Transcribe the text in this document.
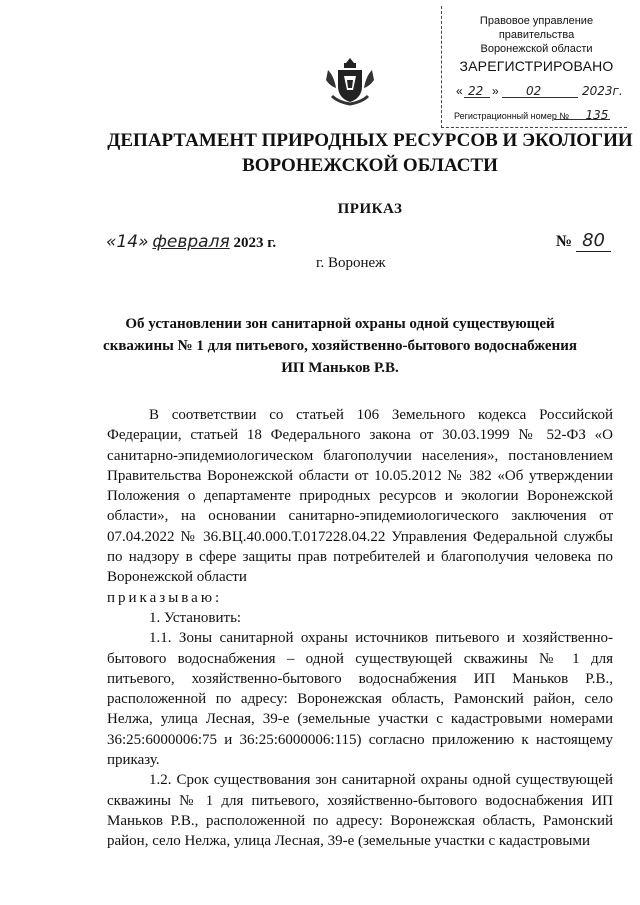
Правовое управление правительства
Воронежской области
ЗАРЕГИСТРИРОВАНО
« 22 » 02	2023г.
Регистрационный номер № 135
ДЕПАРТАМЕНТ ПРИРОДНЫХ РЕСУРСОВ И ЭКОЛОГИИ
ВОРОНЕЖСКОЙ ОБЛАСТИ
ПРИКАЗ
«14» февраля 2023 г.	№ 80
г. Воронеж
Об установлении зон санитарной охраны одной существующей
скважины № 1 для питьевого, хозяйственно-бытового водоснабжения
ИП Маньков Р.В.

В соответствии со статьей 106 Земельного кодекса Российской Федерации, статьей 18 Федерального закона от 30.03.1999 № 52-ФЗ «О санитарно-эпидемиологическом благополучии населения», постановлением Правительства Воронежской области от 10.05.2012 № 382 «Об утверждении Положения о департаменте природных ресурсов и экологии Воронежской области», на основании санитарно-эпидемиологического заключения от 07.04.2022 № 36.ВЦ.40.000.Т.017228.04.22 Управления Федеральной службы по надзору в сфере защиты прав потребителей и благополучия человека по Воронежской области

приказываю:

1. Установить:

1.1. Зоны санитарной охраны источников питьевого и хозяйственно-бытового водоснабжения – одной существующей скважины № 1 для питьевого, хозяйственно-бытового водоснабжения ИП Маньков Р.В., расположенной по адресу: Воронежская область, Рамонский район, село Нелжа, улица Лесная, 39-е (земельные участки с кадастровыми номерами 36:25:6000006:75 и 36:25:6000006:115) согласно приложению к настоящему приказу.

1.2. Срок существования зон санитарной охраны одной существующей скважины № 1 для питьевого, хозяйственно-бытового водоснабжения ИП Маньков Р.В., расположенной по адресу: Воронежская область, Рамонский район, село Нелжа, улица Лесная, 39-е (земельные участки с кадастровыми
